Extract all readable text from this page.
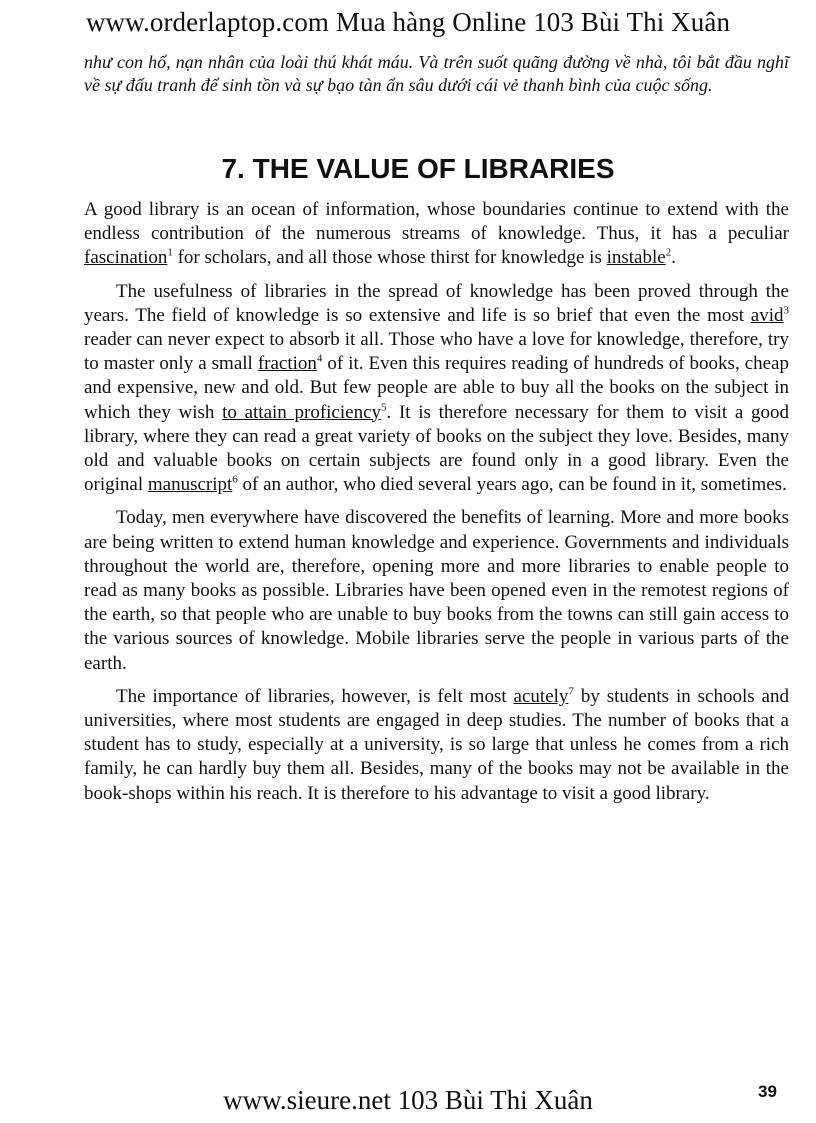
www.orderlaptop.com Mua hàng Online 103 Bùi Thi Xuân
như con hổ, nạn nhân của loài thú khát máu. Và trên suốt quãng đường về nhà, tôi bắt đầu nghĩ về sự đấu tranh để sinh tồn và sự bạo tàn ẩn sâu dưới cái vẻ thanh bình của cuộc sống.
7. THE VALUE OF LIBRARIES

A good library is an ocean of information, whose boundaries continue to extend with the endless contribution of the numerous streams of knowledge. Thus, it has a peculiar fascination$^1$ for scholars, and all those whose thirst for knowledge is instable$^2$.

The usefulness of libraries in the spread of knowledge has been proved through the years. The field of knowledge is so extensive and life is so brief that even the most avid$^3$ reader can never expect to absorb it all. Those who have a love for knowledge, therefore, try to master only a small fraction$^4$ of it. Even this requires reading of hundreds of books, cheap and expensive, new and old. But few people are able to buy all the books on the subject in which they wish to attain proficiency$^5$. It is therefore necessary for them to visit a good library, where they can read a great variety of books on the subject they love. Besides, many old and valuable books on certain subjects are found only in a good library. Even the original manuscript$^6$ of an author, who died several years ago, can be found in it, sometimes.

Today, men everywhere have discovered the benefits of learning. More and more books are being written to extend human knowledge and experience. Governments and individuals throughout the world are, therefore, opening more and more libraries to enable people to read as many books as possible. Libraries have been opened even in the remotest regions of the earth, so that people who are unable to buy books from the towns can still gain access to the various sources of knowledge. Mobile libraries serve the people in various parts of the earth.

The importance of libraries, however, is felt most acutely$^7$ by students in schools and universities, where most students are engaged in deep studies. The number of books that a student has to study, especially at a university, is so large that unless he comes from a rich family, he can hardly buy them all. Besides, many of the books may not be available in the book-shops within his reach. It is therefore to his advantage to visit a good library.

www.sieure.net 103 Bùi Thi Xuân	39
